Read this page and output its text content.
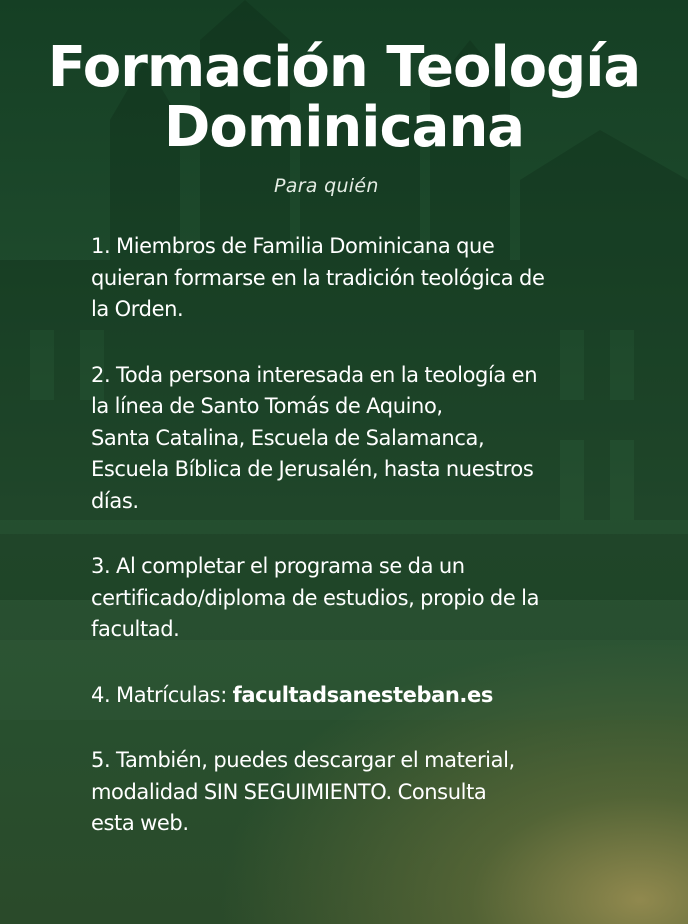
Formación Teología
Dominicana
Para quién
1. Miembros de Familia Dominicana que
quieran formarse en la tradición teológica de
la Orden.
2. Toda persona interesada en la teología en
la línea de Santo Tomás de Aquino,
Santa Catalina, Escuela de Salamanca,
Escuela Bíblica de Jerusalén, hasta nuestros
días.
3. Al completar el programa se da un
certificado/diploma de estudios, propio de la
facultad.
4. Matrículas: facultadsanesteban.es
5. También, puedes descargar el material,
modalidad SIN SEGUIMIENTO. Consulta
esta web.
